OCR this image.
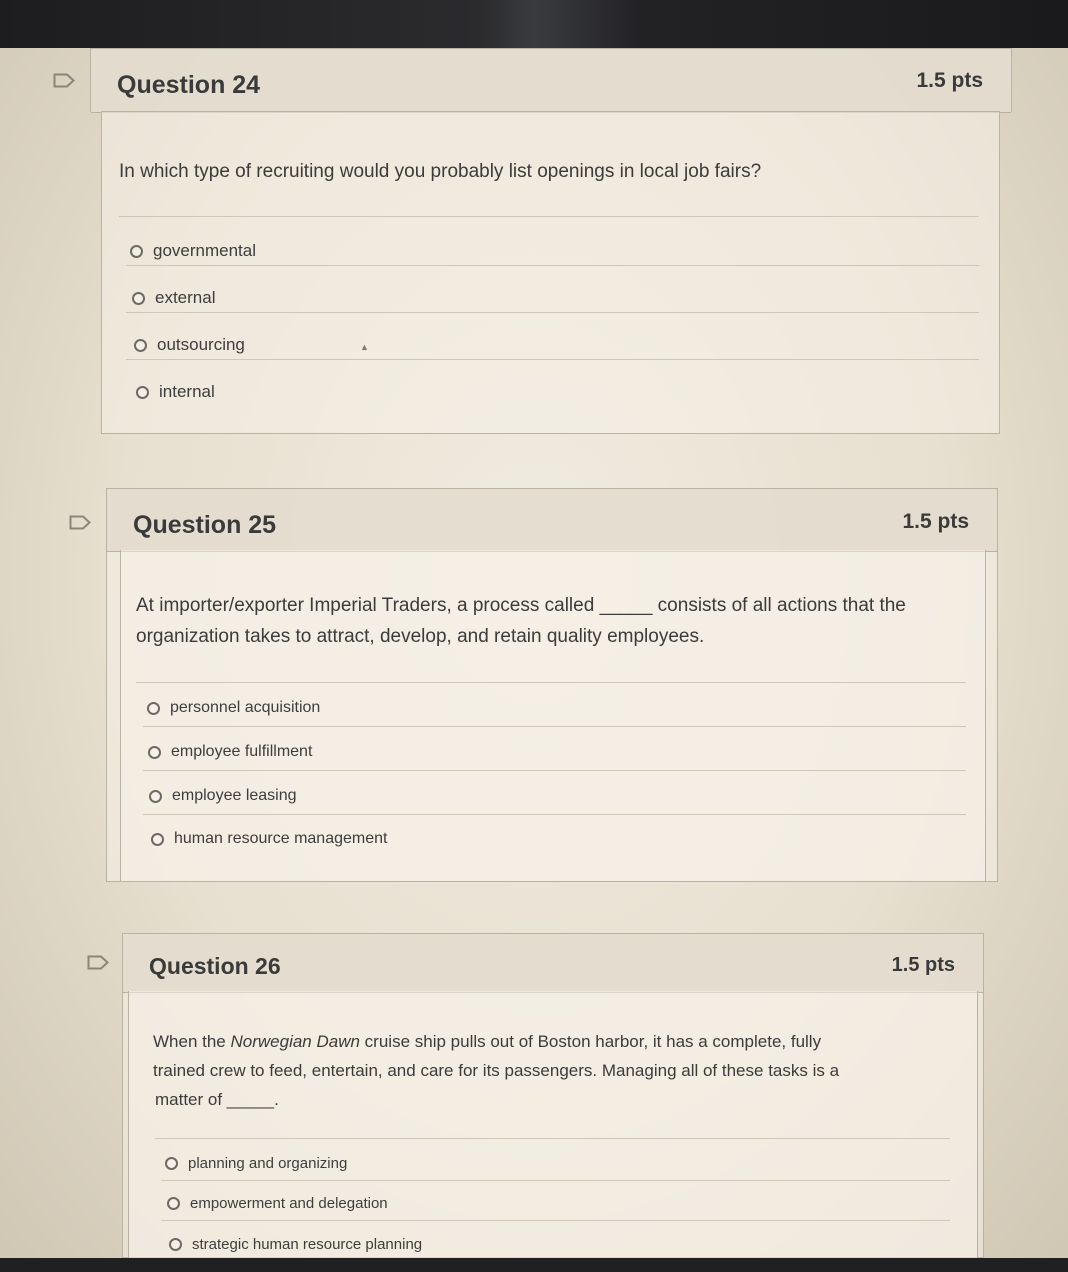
Question 24	1.5 pts
In which type of recruiting would you probably list openings in local job fairs?
governmental
external
outsourcing
internal
▲
Question 25	1.5 pts
At importer/exporter Imperial Traders, a process called _____ consists of all actions that the
organization takes to attract, develop, and retain quality employees.
personnel acquisition
employee fulfillment
employee leasing
human resource management
Question 26	1.5 pts
When the Norwegian Dawn cruise ship pulls out of Boston harbor, it has a complete, fully
trained crew to feed, entertain, and care for its passengers. Managing all of these tasks is a
matter of _____.
planning and organizing
empowerment and delegation
strategic human resource planning
